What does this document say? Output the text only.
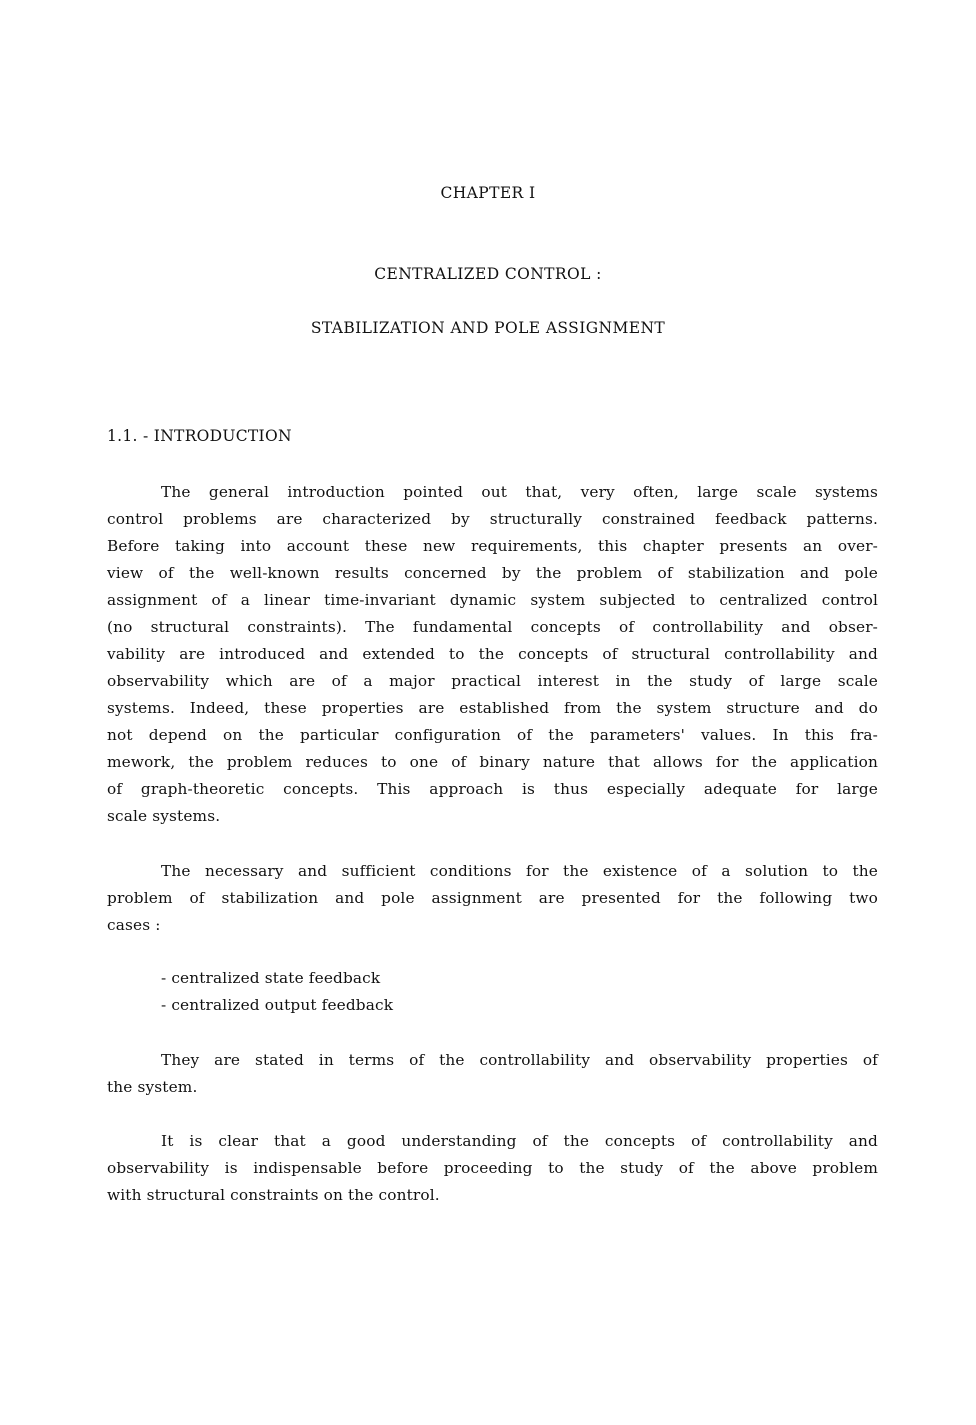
CHAPTER I
CENTRALIZED CONTROL :
STABILIZATION AND POLE ASSIGNMENT
1.1. - INTRODUCTION
The general introduction pointed out that, very often, large scale systems
control problems are characterized by structurally constrained feedback patterns.
Before taking into account these new requirements, this chapter presents an over-
view of the well-known results concerned by the problem of stabilization and pole
assignment of a linear time-invariant dynamic system subjected to centralized control
(no structural constraints). The fundamental concepts of controllability and obser-
vability are introduced and extended to the concepts of structural controllability and
observability which are of a major practical interest in the study of large scale
systems. Indeed, these properties are established from the system structure and do
not depend on the particular configuration of the parameters' values. In this fra-
mework, the problem reduces to one of binary nature that allows for the application
of graph-theoretic concepts. This approach is thus especially adequate for large
scale systems.
The necessary and sufficient conditions for the existence of a solution to the
problem of stabilization and pole assignment are presented for the following two
cases :
- centralized state feedback
- centralized output feedback
They are stated in terms of the controllability and observability properties of
the system.
It is clear that a good understanding of the concepts of controllability and
observability is indispensable before proceeding to the study of the above problem
with structural constraints on the control.
